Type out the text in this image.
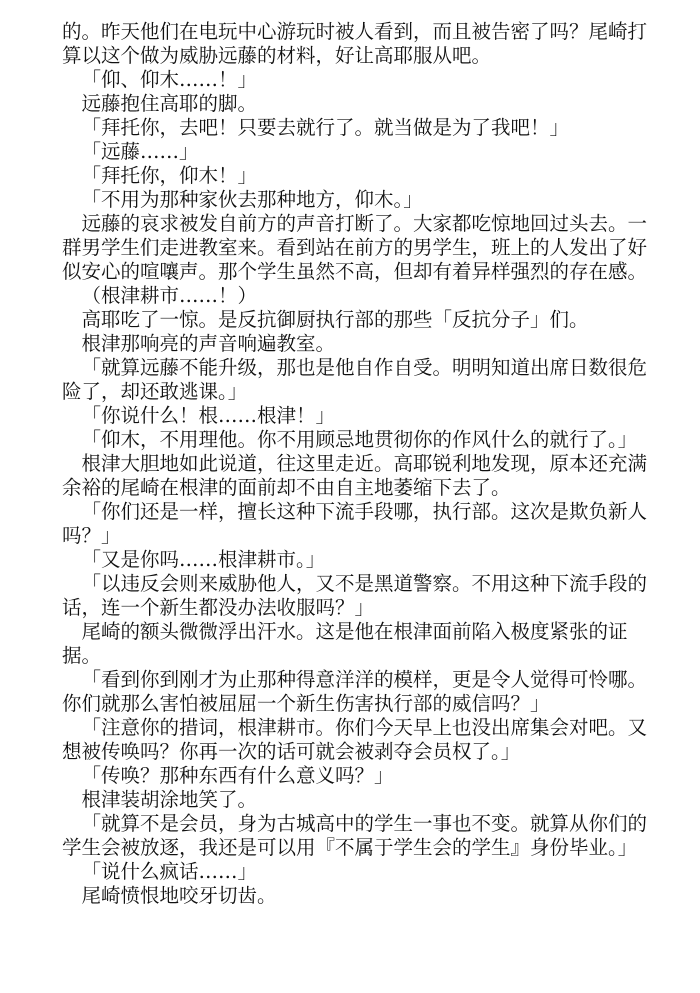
的。昨天他们在电玩中心游玩时被人看到，而且被告密了吗？尾崎打算以这个做为威胁远藤的材料，好让高耶服从吧。

「仰、仰木……！」

远藤抱住高耶的脚。

「拜托你，去吧！只要去就行了。就当做是为了我吧！」

「远藤……」

「拜托你，仰木！」

「不用为那种家伙去那种地方，仰木。」

远藤的哀求被发自前方的声音打断了。大家都吃惊地回过头去。一群男学生们走进教室来。看到站在前方的男学生，班上的人发出了好似安心的喧嚷声。那个学生虽然不高，但却有着异样强烈的存在感。

（根津耕市……！）

高耶吃了一惊。是反抗御厨执行部的那些「反抗分子」们。

根津那响亮的声音响遍教室。

「就算远藤不能升级，那也是他自作自受。明明知道出席日数很危险了，却还敢逃课。」

「你说什么！根……根津！」

「仰木，不用理他。你不用顾忌地贯彻你的作风什么的就行了。」

根津大胆地如此说道，往这里走近。高耶锐利地发现，原本还充满余裕的尾崎在根津的面前却不由自主地萎缩下去了。

「你们还是一样，擅长这种下流手段哪，执行部。这次是欺负新人吗？」

「又是你吗……根津耕市。」

「以违反会则来威胁他人，又不是黑道警察。不用这种下流手段的话，连一个新生都没办法收服吗？」

尾崎的额头微微浮出汗水。这是他在根津面前陷入极度紧张的证据。

「看到你到刚才为止那种得意洋洋的模样，更是令人觉得可怜哪。你们就那么害怕被屈屈一个新生伤害执行部的威信吗？」

「注意你的措词，根津耕市。你们今天早上也没出席集会对吧。又想被传唤吗？你再一次的话可就会被剥夺会员权了。」

「传唤？那种东西有什么意义吗？」

根津装胡涂地笑了。

「就算不是会员，身为古城高中的学生一事也不变。就算从你们的学生会被放逐，我还是可以用『不属于学生会的学生』身份毕业。」

「说什么疯话……」

尾崎愤恨地咬牙切齿。
